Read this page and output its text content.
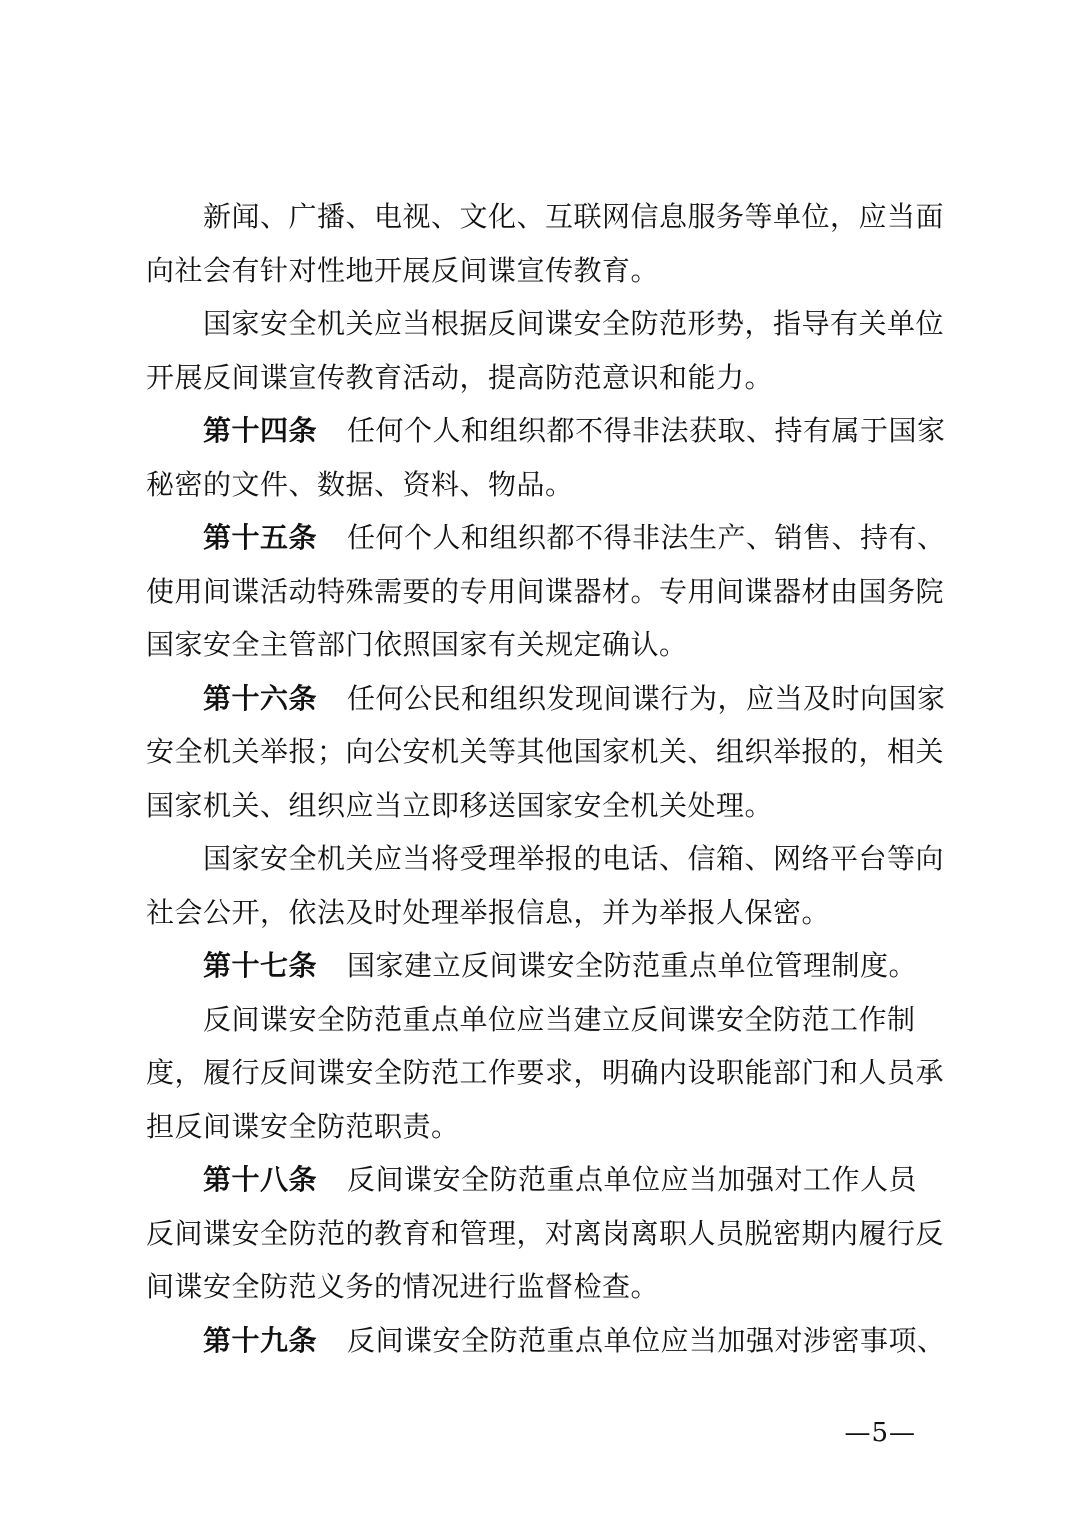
新闻、广播、电视、文化、互联网信息服务等单位，应当面
向社会有针对性地开展反间谍宣传教育。
国家安全机关应当根据反间谍安全防范形势，指导有关单位
开展反间谍宣传教育活动，提高防范意识和能力。
第十四条 任何个人和组织都不得非法获取、持有属于国家
秘密的文件、数据、资料、物品。
第十五条 任何个人和组织都不得非法生产、销售、持有、
使用间谍活动特殊需要的专用间谍器材。专用间谍器材由国务院
国家安全主管部门依照国家有关规定确认。
第十六条 任何公民和组织发现间谍行为，应当及时向国家
安全机关举报；向公安机关等其他国家机关、组织举报的，相关
国家机关、组织应当立即移送国家安全机关处理。
国家安全机关应当将受理举报的电话、信箱、网络平台等向
社会公开，依法及时处理举报信息，并为举报人保密。
第十七条 国家建立反间谍安全防范重点单位管理制度。
反间谍安全防范重点单位应当建立反间谍安全防范工作制
度，履行反间谍安全防范工作要求，明确内设职能部门和人员承
担反间谍安全防范职责。
第十八条 反间谍安全防范重点单位应当加强对工作人员
反间谍安全防范的教育和管理，对离岗离职人员脱密期内履行反
间谍安全防范义务的情况进行监督检查。
第十九条 反间谍安全防范重点单位应当加强对涉密事项、
—5—
